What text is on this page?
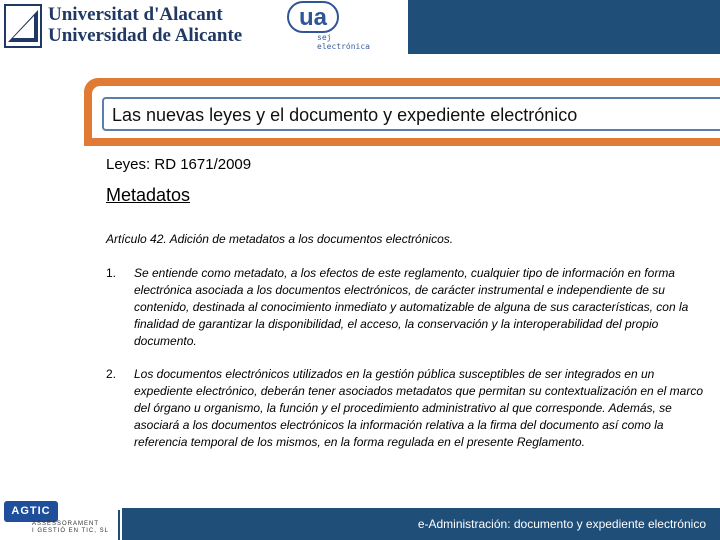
Universitat d'Alacant
Universidad de Alicante
ua
sej
electrónica
Las nuevas leyes y el documento y expediente electrónico
Leyes: RD 1671/2009
Metadatos
Artículo 42. Adición de metadatos a los documentos electrónicos.
1. Se entiende como metadato, a los efectos de este reglamento, cualquier tipo de información en forma electrónica asociada a los documentos electrónicos, de carácter instrumental e independiente de su contenido, destinada al conocimiento inmediato y automatizable de alguna de sus características, con la finalidad de garantizar la disponibilidad, el acceso, la conservación y la interoperabilidad del propio documento.
2. Los documentos electrónicos utilizados en la gestión pública susceptibles de ser integrados en un expediente electrónico, deberán tener asociados metadatos que permitan su contextualización en el marco del órgano u organismo, la función y el procedimiento administrativo al que corresponde. Además, se asociará a los documentos electrónicos la información relativa a la firma del documento así como la referencia temporal de los mismos, en la forma regulada en el presente Reglamento.
AGTIC
ASSESSORAMENT
I GESTIÓ EN TIC, SL	e-Administración: documento y expediente electrónico
